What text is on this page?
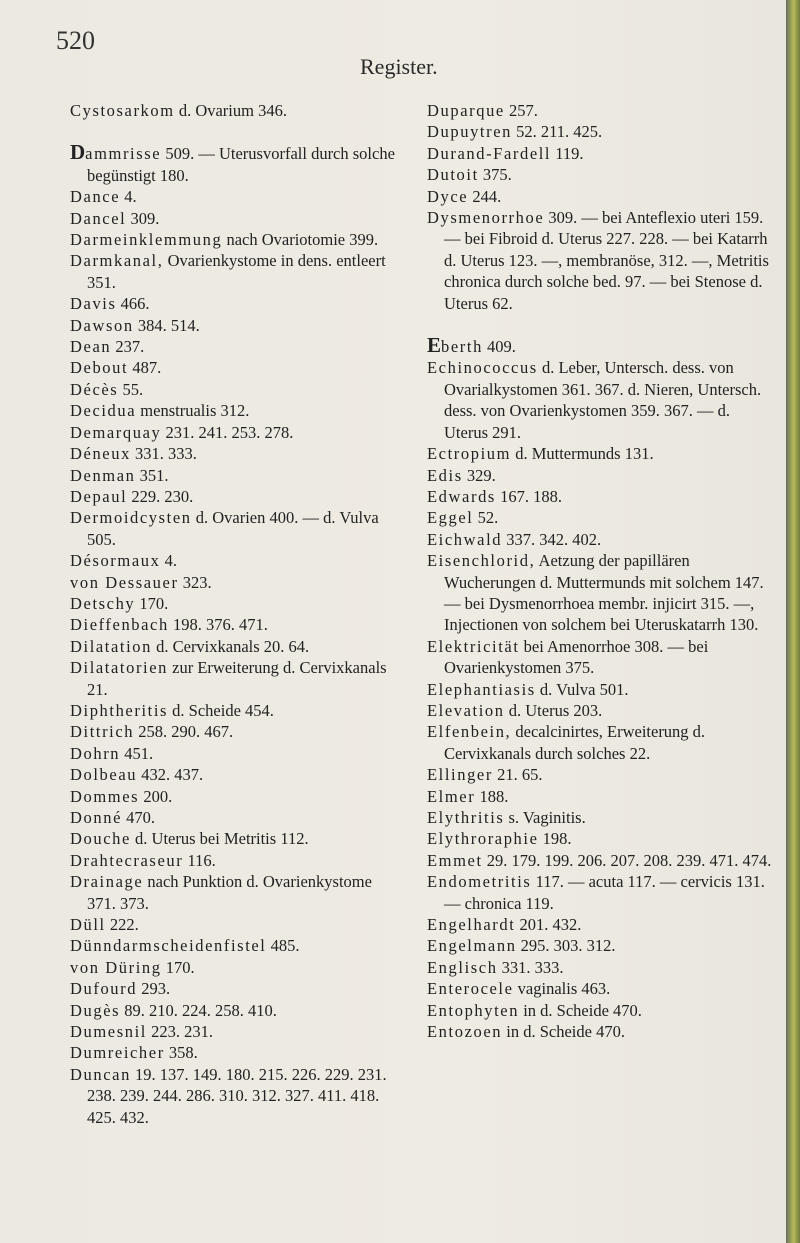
520
Register.
Cystosarkom d. Ovarium 346.
Dammrisse 509. — Uterusvorfall durch solche begünstigt 180.
Dance 4.
Dancel 309.
Darmeinklemmung nach Ovariotomie 399.
Darmkanal, Ovarienkystome in dens. entleert 351.
Davis 466.
Dawson 384. 514.
Dean 237.
Debout 487.
Décès 55.
Decidua menstrualis 312.
Demarquay 231. 241. 253. 278.
Déneux 331. 333.
Denman 351.
Depaul 229. 230.
Dermoidcysten d. Ovarien 400. — d. Vulva 505.
Désormaux 4.
von Dessauer 323.
Detschy 170.
Dieffenbach 198. 376. 471.
Dilatation d. Cervixkanals 20. 64.
Dilatatorien zur Erweiterung d. Cervixkanals 21.
Diphtheritis d. Scheide 454.
Dittrich 258. 290. 467.
Dohrn 451.
Dolbeau 432. 437.
Dommes 200.
Donné 470.
Douche d. Uterus bei Metritis 112.
Drahtecraseur 116.
Drainage nach Punktion d. Ovarienkystome 371. 373.
Düll 222.
Dünndarmscheidenfistel 485.
von Düring 170.
Dufourd 293.
Dugès 89. 210. 224. 258. 410.
Dumesnil 223. 231.
Dumreicher 358.
Duncan 19. 137. 149. 180. 215. 226. 229. 231. 238. 239. 244. 286. 310. 312. 327. 411. 418. 425. 432.
Duparque 257.
Dupuytren 52. 211. 425.
Durand-Fardell 119.
Dutoit 375.
Dyce 244.
Dysmenorrhoe 309. — bei Anteflexio uteri 159. — bei Fibroid d. Uterus 227. 228. — bei Katarrh d. Uterus 123. —, membranöse, 312. —, Metritis chronica durch solche bed. 97. — bei Stenose d. Uterus 62.
Eberth 409.
Echinococcus d. Leber, Untersch. dess. von Ovarialkystomen 361. 367. d. Nieren, Untersch. dess. von Ovarienkystomen 359. 367. — d. Uterus 291.
Ectropium d. Muttermunds 131.
Edis 329.
Edwards 167. 188.
Eggel 52.
Eichwald 337. 342. 402.
Eisenchlorid, Aetzung der papillären Wucherungen d. Muttermunds mit solchem 147. — bei Dysmenorrhoea membr. injicirt 315. —, Injectionen von solchem bei Uteruskatarrh 130.
Elektricität bei Amenorrhoe 308. — bei Ovarienkystomen 375.
Elephantiasis d. Vulva 501.
Elevation d. Uterus 203.
Elfenbein, decalcinirtes, Erweiterung d. Cervixkanals durch solches 22.
Ellinger 21. 65.
Elmer 188.
Elythritis s. Vaginitis.
Elythroraphie 198.
Emmet 29. 179. 199. 206. 207. 208. 239. 471. 474.
Endometritis 117. — acuta 117. — cervicis 131. — chronica 119.
Engelhardt 201. 432.
Engelmann 295. 303. 312.
Englisch 331. 333.
Enterocele vaginalis 463.
Entophyten in d. Scheide 470.
Entozoen in d. Scheide 470.
